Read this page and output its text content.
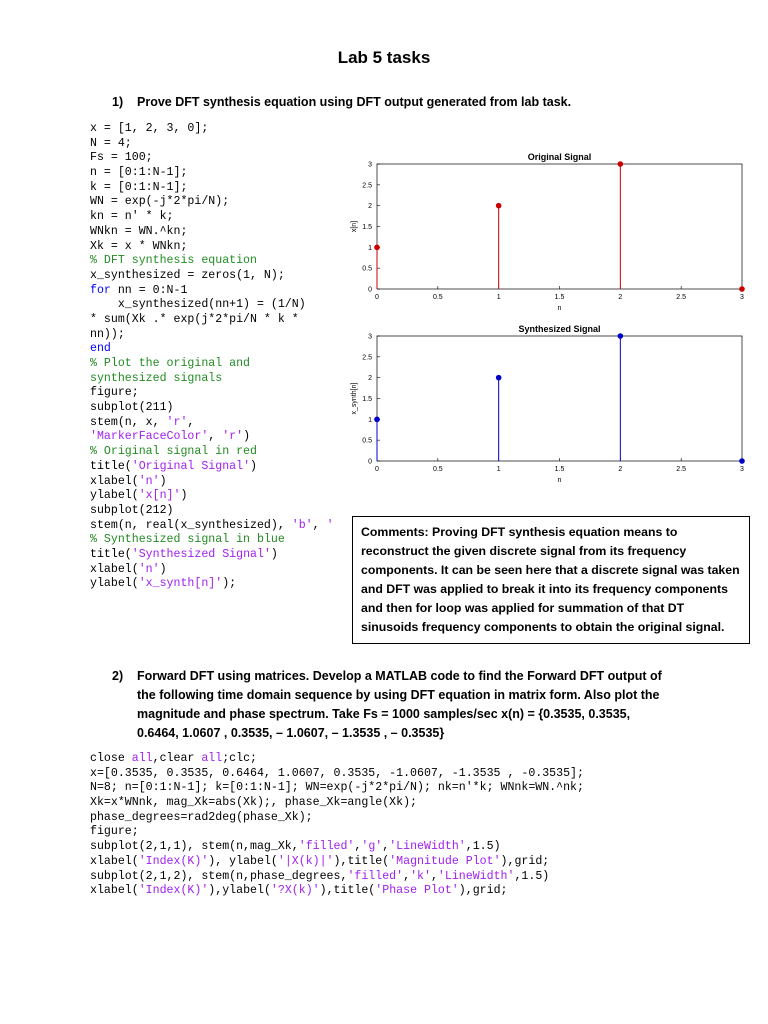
Lab 5 tasks
1)	Prove DFT synthesis equation using DFT output generated from lab task.
x = [1, 2, 3, 0];
N = 4;
Fs = 100;
n = [0:1:N-1];
k = [0:1:N-1];
WN = exp(-j*2*pi/N);
kn = n' * k;
WNkn = WN.^kn;
Xk = x * WNkn;
% DFT synthesis equation
x_synthesized = zeros(1, N);
for nn = 0:N-1
x_synthesized(nn+1) = (1/N)
* sum(Xk .* exp(j*2*pi/N * k *
nn));
end
% Plot the original and
synthesized signals
figure;
subplot(211)
stem(n, x, 'r',
'MarkerFaceColor', 'r')
% Original signal in red
title('Original Signal')
xlabel('n')
ylabel('x[n]')
subplot(212)
stem(n, real(x_synthesized), 'b', '
% Synthesized signal in blue
title('Synthesized Signal')
xlabel('n')
ylabel('x_synth[n]');
Original Signal
0	0.5	1	1.5	2	2.5	3
0
0.5
1
1.5
2
2.5
3
n
x[n]
Synthesized Signal
0	0.5	1	1.5	2	2.5	3
0
0.5
1
1.5
2
2.5
3
n
x_synth[n]
Comments: Proving DFT synthesis equation means to reconstruct the given discrete signal from its frequency components. It can be seen here that a discrete signal was taken and DFT was applied to break it into its frequency components and then for loop was applied for summation of that DT sinusoids frequency components to obtain the original signal.
2)	Forward DFT using matrices. Develop a MATLAB code to find the Forward DFT output of the following time domain sequence by using DFT equation in matrix form. Also plot the magnitude and phase spectrum. Take Fs = 1000 samples/sec x(n) = {0.3535, 0.3535, 0.6464, 1.0607 , 0.3535, – 1.0607, – 1.3535 , – 0.3535}
close all,clear all;clc;
x=[0.3535, 0.3535, 0.6464, 1.0607, 0.3535, -1.0607, -1.3535 , -0.3535];
N=8; n=[0:1:N-1]; k=[0:1:N-1]; WN=exp(-j*2*pi/N); nk=n'*k; WNnk=WN.^nk;
Xk=x*WNnk, mag_Xk=abs(Xk);, phase_Xk=angle(Xk);
phase_degrees=rad2deg(phase_Xk);
figure;
subplot(2,1,1), stem(n,mag_Xk,'filled','g','LineWidth',1.5)
xlabel('Index(K)'), ylabel('|X(k)|'),title('Magnitude Plot'),grid;
subplot(2,1,2), stem(n,phase_degrees,'filled','k','LineWidth',1.5)
xlabel('Index(K)'),ylabel('?X(k)'),title('Phase Plot'),grid;
